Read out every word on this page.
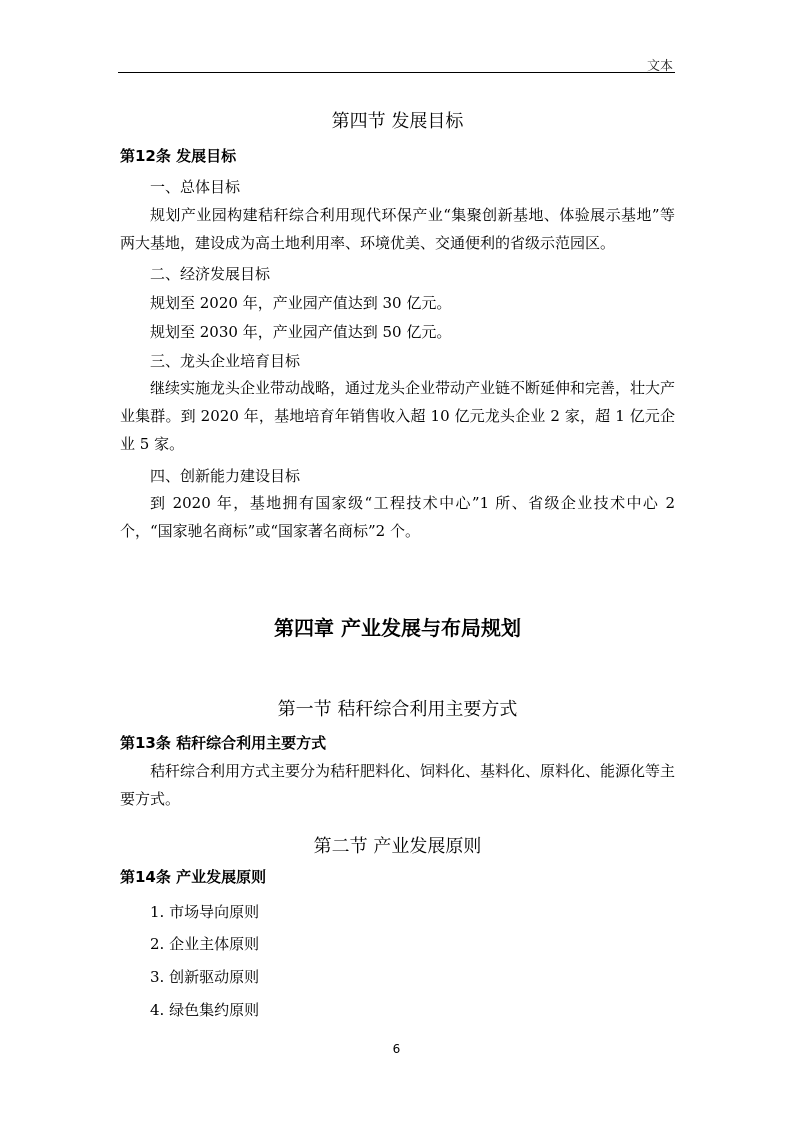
文本
第四节 发展目标
第12条 发展目标
一、总体目标

规划产业园构建秸秆综合利用现代环保产业“集聚创新基地、体验展示基地”等两大基地，建设成为高土地利用率、环境优美、交通便利的省级示范园区。

二、经济发展目标
规划至 2020 年，产业园产值达到 30 亿元。
规划至 2030 年，产业园产值达到 50 亿元。
三、龙头企业培育目标

继续实施龙头企业带动战略，通过龙头企业带动产业链不断延伸和完善，壮大产业集群。到 2020 年，基地培育年销售收入超 10 亿元龙头企业 2 家，超 1 亿元企业 5 家。

四、创新能力建设目标

到 2020 年，基地拥有国家级“工程技术中心”1 所、省级企业技术中心 2 个，“国家驰名商标”或“国家著名商标”2 个。

第四章 产业发展与布局规划
第一节 秸秆综合利用主要方式
第13条 秸秆综合利用主要方式

秸秆综合利用方式主要分为秸秆肥料化、饲料化、基料化、原料化、能源化等主要方式。

第二节 产业发展原则
第14条 产业发展原则
1. 市场导向原则
2. 企业主体原则
3. 创新驱动原则
4. 绿色集约原则
6
